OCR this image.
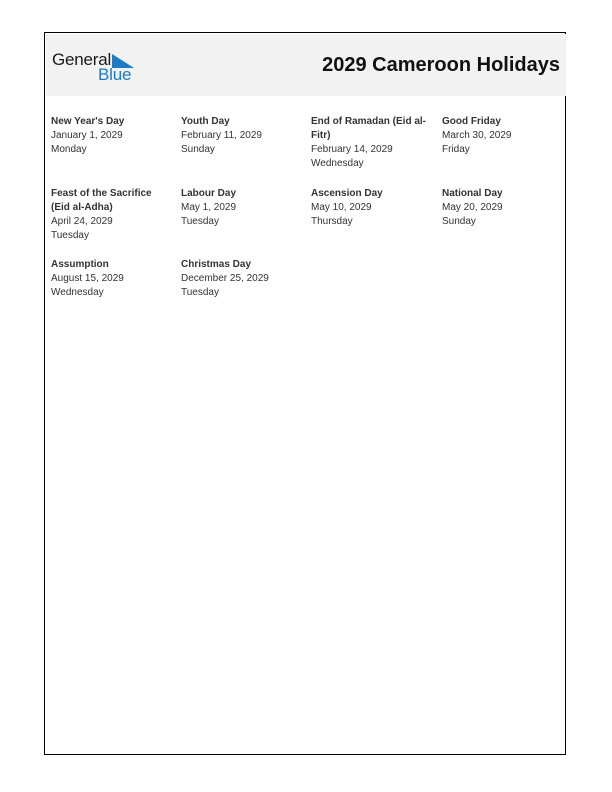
General
Blue	2029 Cameroon Holidays
New Year's Day
January 1, 2029
Monday
Youth Day
February 11, 2029
Sunday
End of Ramadan (Eid al-Fitr)
February 14, 2029
Wednesday
Good Friday
March 30, 2029
Friday
Feast of the Sacrifice (Eid al-Adha)
April 24, 2029
Tuesday
Labour Day
May 1, 2029
Tuesday
Ascension Day
May 10, 2029
Thursday
National Day
May 20, 2029
Sunday
Assumption
August 15, 2029
Wednesday
Christmas Day
December 25, 2029
Tuesday
